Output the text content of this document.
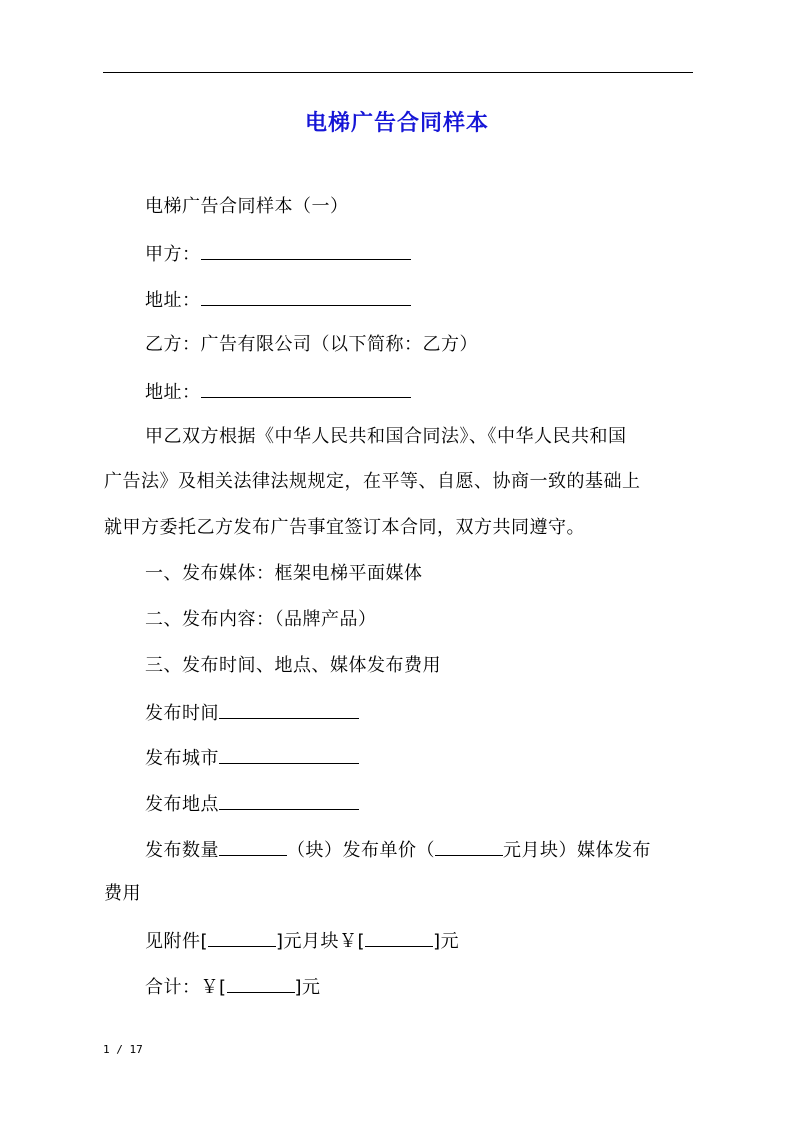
电梯广告合同样本
电梯广告合同样本（一）
甲方：
地址：
乙方：广告有限公司（以下简称：乙方）
地址：
甲乙双方根据《中华人民共和国合同法》、《中华人民共和国
广告法》及相关法律法规规定，在平等、自愿、协商一致的基础上
就甲方委托乙方发布广告事宜签订本合同，双方共同遵守。
一、发布媒体：框架电梯平面媒体
二、发布内容：（品牌产品）
三、发布时间、地点、媒体发布费用
发布时间
发布城市
发布地点
发布数量	（块）发布单价（	元月块）媒体发布
费用
见附件[	]元月块￥[	]元
合计：￥[	]元
1 / 17
